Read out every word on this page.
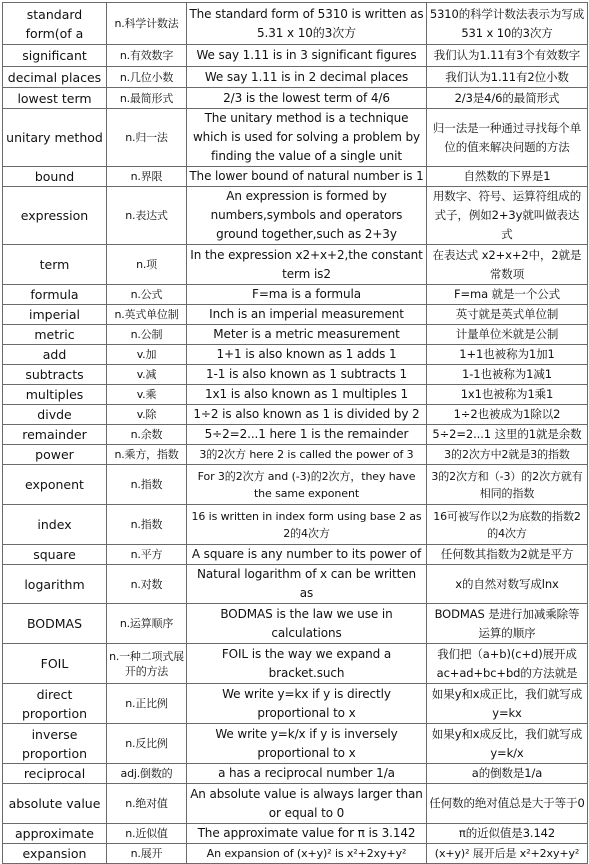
standard form(of a	n.科学计数法	The standard form of 5310 is written as 5.31 x 10的3次方	5310的科学计数法表示为写成531 x 10的3次方
significant	n.有效数字	We say 1.11 is in 3 significant figures	我们认为1.11有3个有效数字
decimal places	n.几位小数	We say 1.11 is in 2 decimal places	我们认为1.11有2位小数
lowest term	n.最简形式	2/3 is the lowest term of 4/6	2/3是4/6的最简形式
unitary method	n.归一法	The unitary method is a technique which is used for solving a problem by finding the value of a single unit	归一法是一种通过寻找每个单位的值来解决问题的方法
bound	n.界限	The lower bound of natural number is 1	自然数的下界是1
expression	n.表达式	An expression is formed by numbers,symbols and operators ground together,such as 2+3y	用数字、符号、运算符组成的式子，例如2+3y就叫做表达式
term	n.项	In the expression x2+x+2,the constant term is2	在表达式 x2+x+2中，2就是常数项
formula	n.公式	F=ma is a formula	F=ma 就是一个公式
imperial	n.英式单位制	Inch is an imperial measurement	英寸就是英式单位制
metric	n.公制	Meter is a metric measurement	计量单位米就是公制
add	v.加	1+1 is also known as 1 adds 1	1+1也被称为1加1
subtracts	v.减	1-1 is also known as 1 subtracts 1	1-1也被称为1减1
multiples	v.乘	1x1 is also known as 1 multiples 1	1x1也被称为1乘1
divde	v.除	1÷2 is also known as 1 is divided by 2	1÷2也被成为1除以2
remainder	n.余数	5÷2=2...1 here 1 is the remainder	5÷2=2...1 这里的1就是余数
power	n.乘方，指数	3的2次方 here 2 is called the power of 3	3的2次方中2就是3的指数
exponent	n.指数	For 3的2次方 and (-3)的2次方，they have the same exponent	3的2次方和（-3）的2次方就有相同的指数
index	n.指数	16 is written in index form using base 2 as 2的4次方	16可被写作以2为底数的指数2的4次方
square	n.平方	A square is any number to its power of	任何数其指数为2就是平方
logarithm	n.对数	Natural logarithm of x can be written as	x的自然对数写成lnx
BODMAS	n.运算顺序	BODMAS is the law we use in calculations	BODMAS 是进行加减乘除等运算的顺序
FOIL	n.一种二项式展开的方法	FOIL is the way we expand a bracket.such	我们把（a+b)(c+d)展开成ac+ad+bc+bd的方法就是
direct proportion	n.正比例	We write y=kx if y is directly proportional to x	如果y和x成正比，我们就写成y=kx
inverse proportion	n.反比例	We write y=k/x if y is inversely proportional to x	如果y和x成反比，我们就写成y=k/x
reciprocal	adj.倒数的	a has a reciprocal number 1/a	a的倒数是1/a
absolute value	n.绝对值	An absolute value is always larger than or equal to 0	任何数的绝对值总是大于等于0
approximate	n.近似值	The approximate value for π is 3.142	π的近似值是3.142
expansion	n.展开	An expansion of (x+y)² is x²+2xy+y²	(x+y)² 展开后是 x²+2xy+y²
